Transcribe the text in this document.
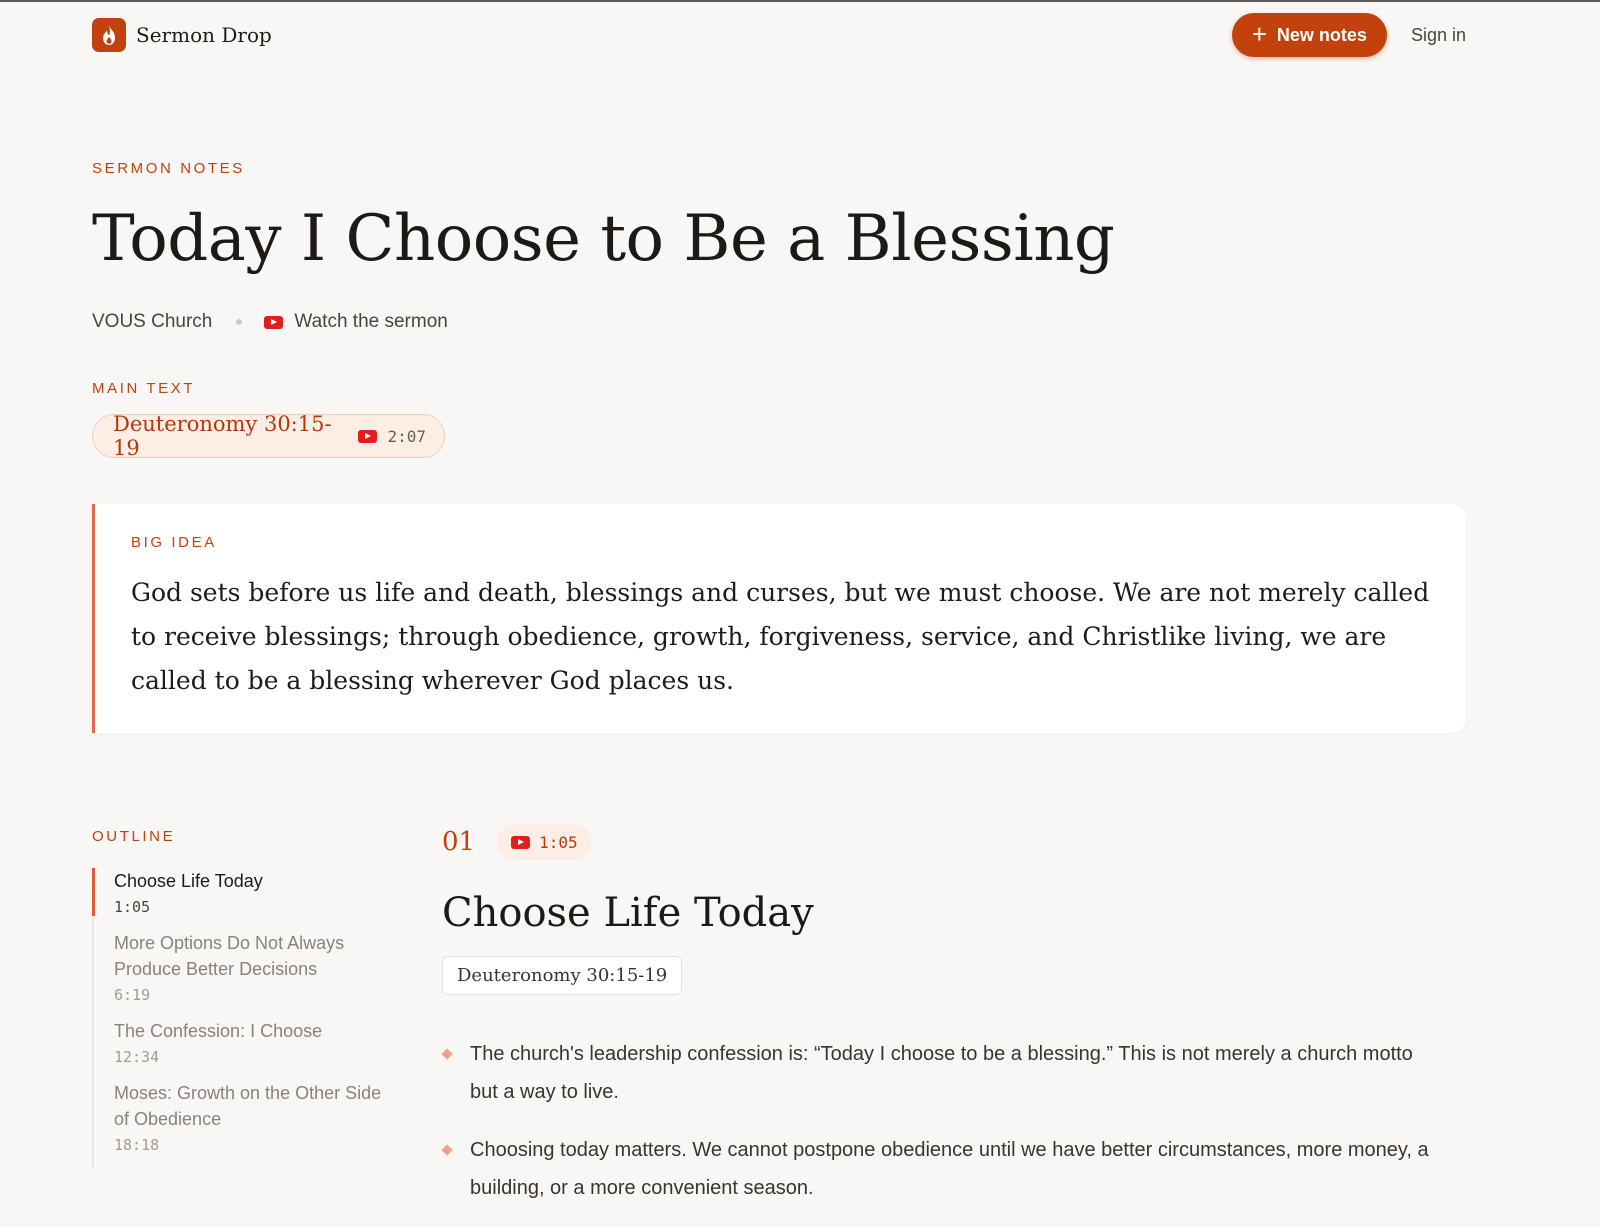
Sermon Drop	+ New notes Sign in
SERMON NOTES
Today I Choose to Be a Blessing
VOUS Church	Watch the sermon
MAIN TEXT
Deuteronomy 30:15-19	2:07
BIG IDEA

God sets before us life and death, blessings and curses, but we must choose. We are not merely called to receive blessings; through obedience, growth, forgiveness, service, and Christlike living, we are called to be a blessing wherever God places us.

OUTLINE
Choose Life Today
1:05
More Options Do Not Always Produce Better Decisions
6:19
The Confession: I Choose
12:34
Moses: Growth on the Other Side of Obedience
18:18
01	1:05
Choose Life Today
Deuteronomy 30:15-19
The church's leadership confession is: “Today I choose to be a blessing.” This is not merely a church motto but a way to live.
Choosing today matters. We cannot postpone obedience until we have better circumstances, more money, a building, or a more convenient season.
